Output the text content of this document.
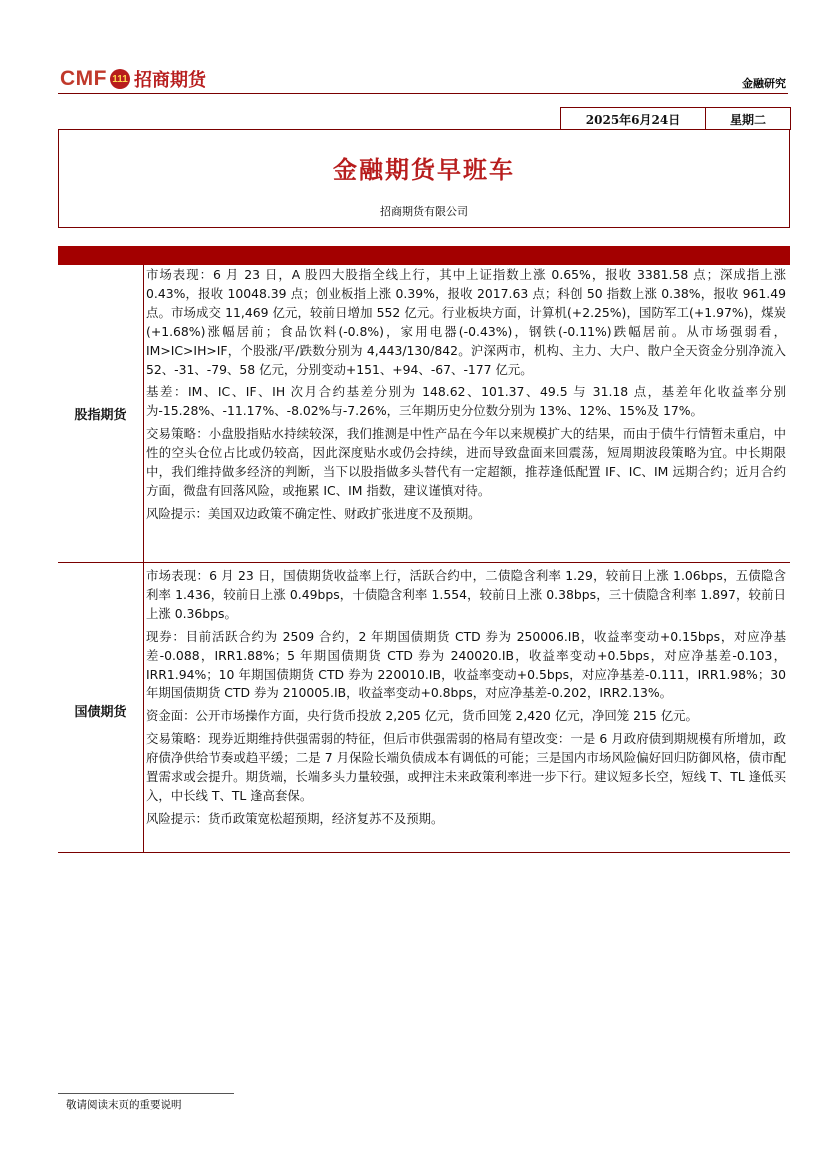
CMF 111 招商期货	金融研究
2025年6月24日	星期二
金融期货早班车
招商期货有限公司
股指期货

市场表现：6 月 23 日，A 股四大股指全线上行，其中上证指数上涨 0.65%，报收 3381.58 点；深成指上涨 0.43%，报收 10048.39 点；创业板指上涨 0.39%，报收 2017.63 点；科创 50 指数上涨 0.38%，报收 961.49 点。市场成交 11,469 亿元，较前日增加 552 亿元。行业板块方面，计算机(+2.25%)，国防军工(+1.97%)，煤炭(+1.68%)涨幅居前；食品饮料(-0.8%)，家用电器(-0.43%)，钢铁(-0.11%)跌幅居前。从市场强弱看，IM>IC>IH>IF，个股涨/平/跌数分别为 4,443/130/842。沪深两市，机构、主力、大户、散户全天资金分别净流入 52、-31、-79、58 亿元，分别变动+151、+94、-67、-177 亿元。

基差：IM、IC、IF、IH 次月合约基差分别为 148.62、101.37、49.5 与 31.18 点，基差年化收益率分别为-15.28%、-11.17%、-8.02%与-7.26%，三年期历史分位数分别为 13%、12%、15%及 17%。

交易策略：小盘股指贴水持续较深，我们推测是中性产品在今年以来规模扩大的结果，而由于债牛行情暂未重启，中性的空头仓位占比或仍较高，因此深度贴水或仍会持续，进而导致盘面来回震荡，短周期波段策略为宜。中长期限中，我们维持做多经济的判断，当下以股指做多头替代有一定超额，推荐逢低配置 IF、IC、IM 远期合约；近月合约方面，微盘有回落风险，或拖累 IC、IM 指数，建议谨慎对待。

风险提示：美国双边政策不确定性、财政扩张进度不及预期。

国债期货

市场表现：6 月 23 日，国债期货收益率上行，活跃合约中，二债隐含利率 1.29，较前日上涨 1.06bps，五债隐含利率 1.436，较前日上涨 0.49bps，十债隐含利率 1.554，较前日上涨 0.38bps，三十债隐含利率 1.897，较前日上涨 0.36bps。

现券：目前活跃合约为 2509 合约，2 年期国债期货 CTD 券为 250006.IB，收益率变动+0.15bps，对应净基差-0.088，IRR1.88%；5 年期国债期货 CTD 券为 240020.IB，收益率变动+0.5bps，对应净基差-0.103，IRR1.94%；10 年期国债期货 CTD 券为 220010.IB，收益率变动+0.5bps，对应净基差-0.111，IRR1.98%；30 年期国债期货 CTD 券为 210005.IB，收益率变动+0.8bps，对应净基差-0.202，IRR2.13%。

资金面：公开市场操作方面，央行货币投放 2,205 亿元，货币回笼 2,420 亿元，净回笼 215 亿元。

交易策略：现券近期维持供强需弱的特征，但后市供强需弱的格局有望改变：一是 6 月政府债到期规模有所增加，政府债净供给节奏或趋平缓；二是 7 月保险长端负债成本有调低的可能；三是国内市场风险偏好回归防御风格，债市配置需求或会提升。期货端，长端多头力量较强，或押注未来政策利率进一步下行。建议短多长空，短线 T、TL 逢低买入，中长线 T、TL 逢高套保。

风险提示：货币政策宽松超预期，经济复苏不及预期。

敬请阅读末页的重要说明
